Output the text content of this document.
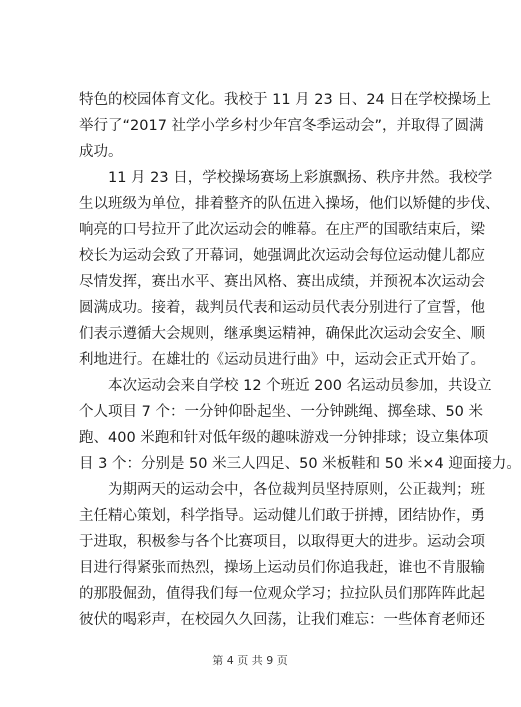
特色的校园体育文化。我校于 11 月 23 日、24 日在学校操场上
举行了“2017 社学小学乡村少年宫冬季运动会”，并取得了圆满
成功。
11 月 23 日，学校操场赛场上彩旗飘扬、秩序井然。我校学
生以班级为单位，排着整齐的队伍进入操场，他们以矫健的步伐、
响亮的口号拉开了此次运动会的帷幕。在庄严的国歌结束后，梁
校长为运动会致了开幕词，她强调此次运动会每位运动健儿都应
尽情发挥，赛出水平、赛出风格、赛出成绩，并预祝本次运动会
圆满成功。接着，裁判员代表和运动员代表分别进行了宣誓，他
们表示遵循大会规则，继承奥运精神，确保此次运动会安全、顺
利地进行。在雄壮的《运动员进行曲》中，运动会正式开始了。
本次运动会来自学校 12 个班近 200 名运动员参加，共设立
个人项目 7 个：一分钟仰卧起坐、一分钟跳绳、掷垒球、50 米
跑、400 米跑和针对低年级的趣味游戏一分钟排球；设立集体项
目 3 个：分别是 50 米三人四足、50 米板鞋和 50 米×4 迎面接力。
为期两天的运动会中，各位裁判员坚持原则，公正裁判；班
主任精心策划，科学指导。运动健儿们敢于拼搏，团结协作，勇
于进取，积极参与各个比赛项目，以取得更大的进步。运动会项
目进行得紧张而热烈，操场上运动员们你追我赶，谁也不肯服输
的那股倔劲，值得我们每一位观众学习；拉拉队员们那阵阵此起
彼伏的喝彩声，在校园久久回荡，让我们难忘：一些体育老师还
第 4 页 共 9 页
